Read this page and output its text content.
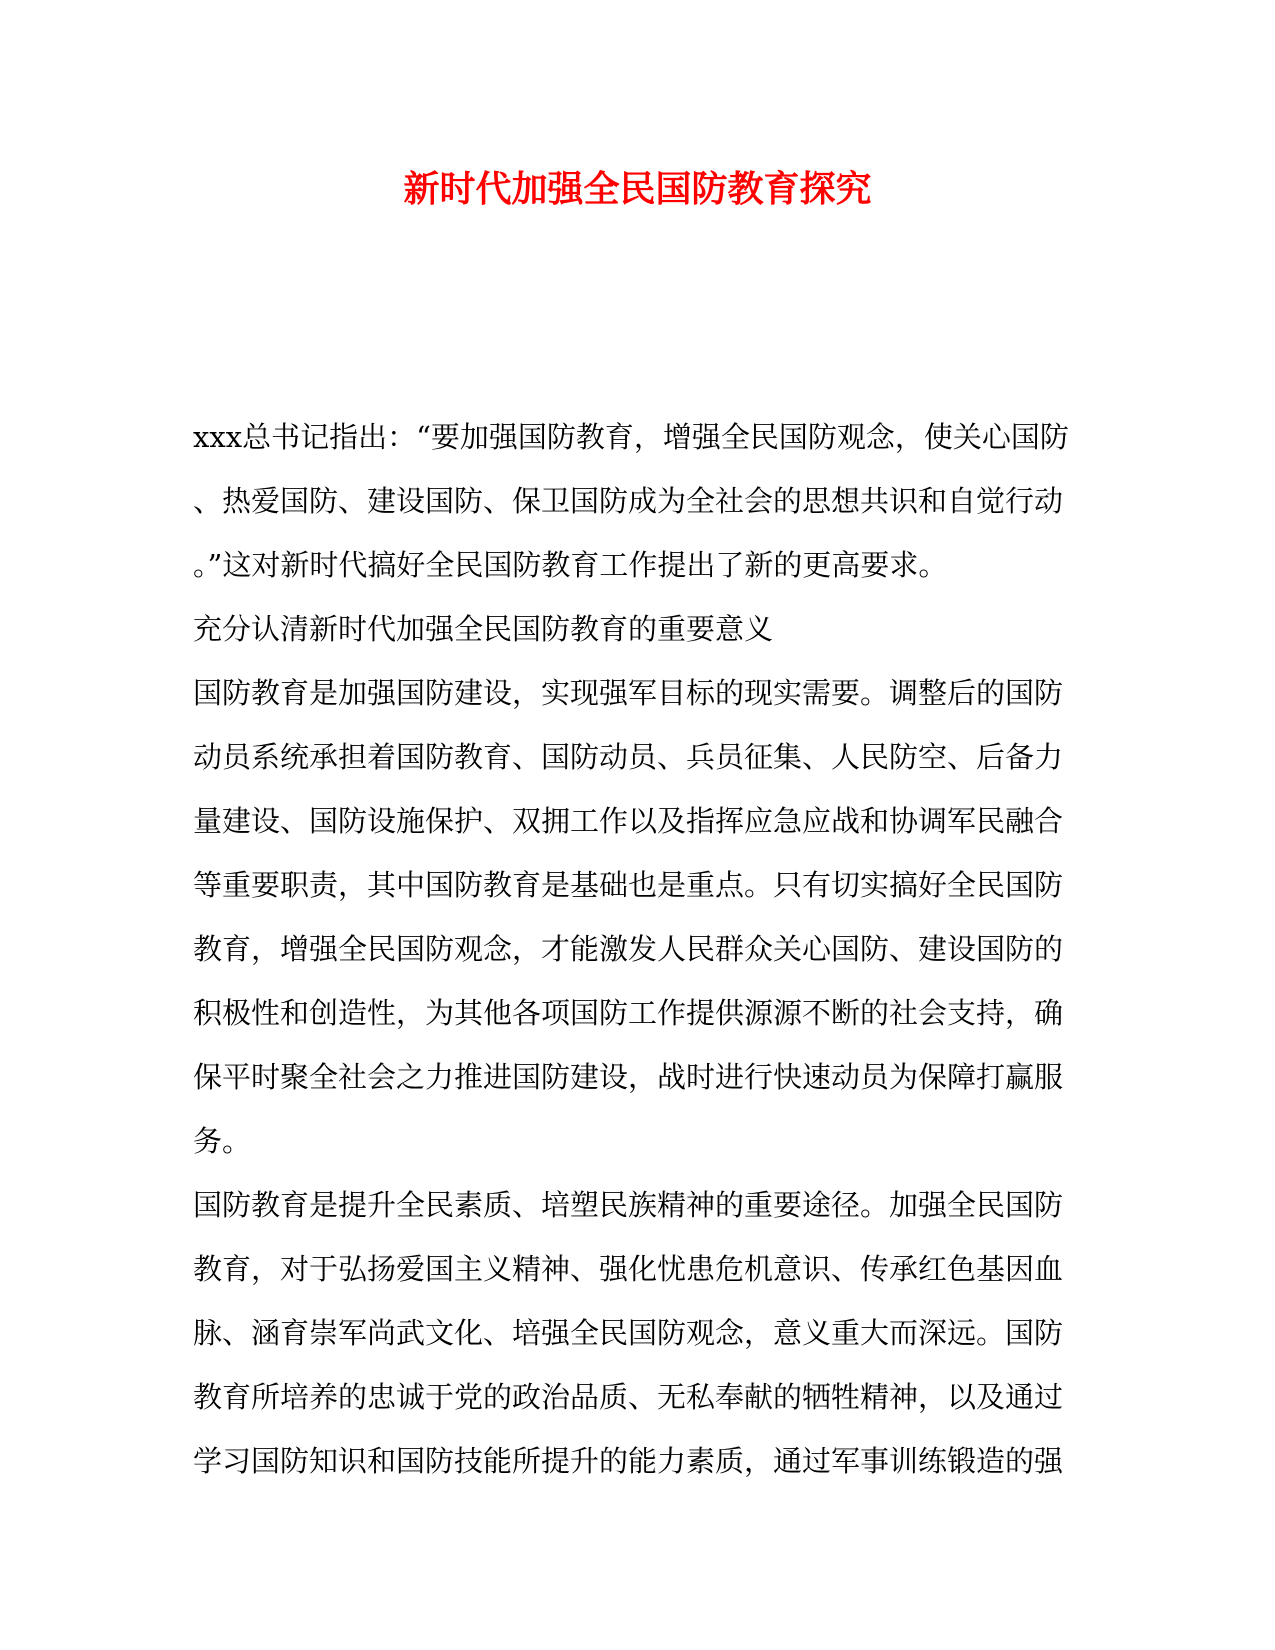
新时代加强全民国防教育探究
xxx总书记指出：“要加强国防教育，增强全民国防观念，使关心国防
、热爱国防、建设国防、保卫国防成为全社会的思想共识和自觉行动
。”这对新时代搞好全民国防教育工作提出了新的更高要求。
充分认清新时代加强全民国防教育的重要意义
国防教育是加强国防建设，实现强军目标的现实需要。调整后的国防
动员系统承担着国防教育、国防动员、兵员征集、人民防空、后备力
量建设、国防设施保护、双拥工作以及指挥应急应战和协调军民融合
等重要职责，其中国防教育是基础也是重点。只有切实搞好全民国防
教育，增强全民国防观念，才能激发人民群众关心国防、建设国防的
积极性和创造性，为其他各项国防工作提供源源不断的社会支持，确
保平时聚全社会之力推进国防建设，战时进行快速动员为保障打赢服
务。
国防教育是提升全民素质、培塑民族精神的重要途径。加强全民国防
教育，对于弘扬爱国主义精神、强化忧患危机意识、传承红色基因血
脉、涵育崇军尚武文化、培强全民国防观念，意义重大而深远。国防
教育所培养的忠诚于党的政治品质、无私奉献的牺牲精神，以及通过
学习国防知识和国防技能所提升的能力素质，通过军事训练锻造的强
